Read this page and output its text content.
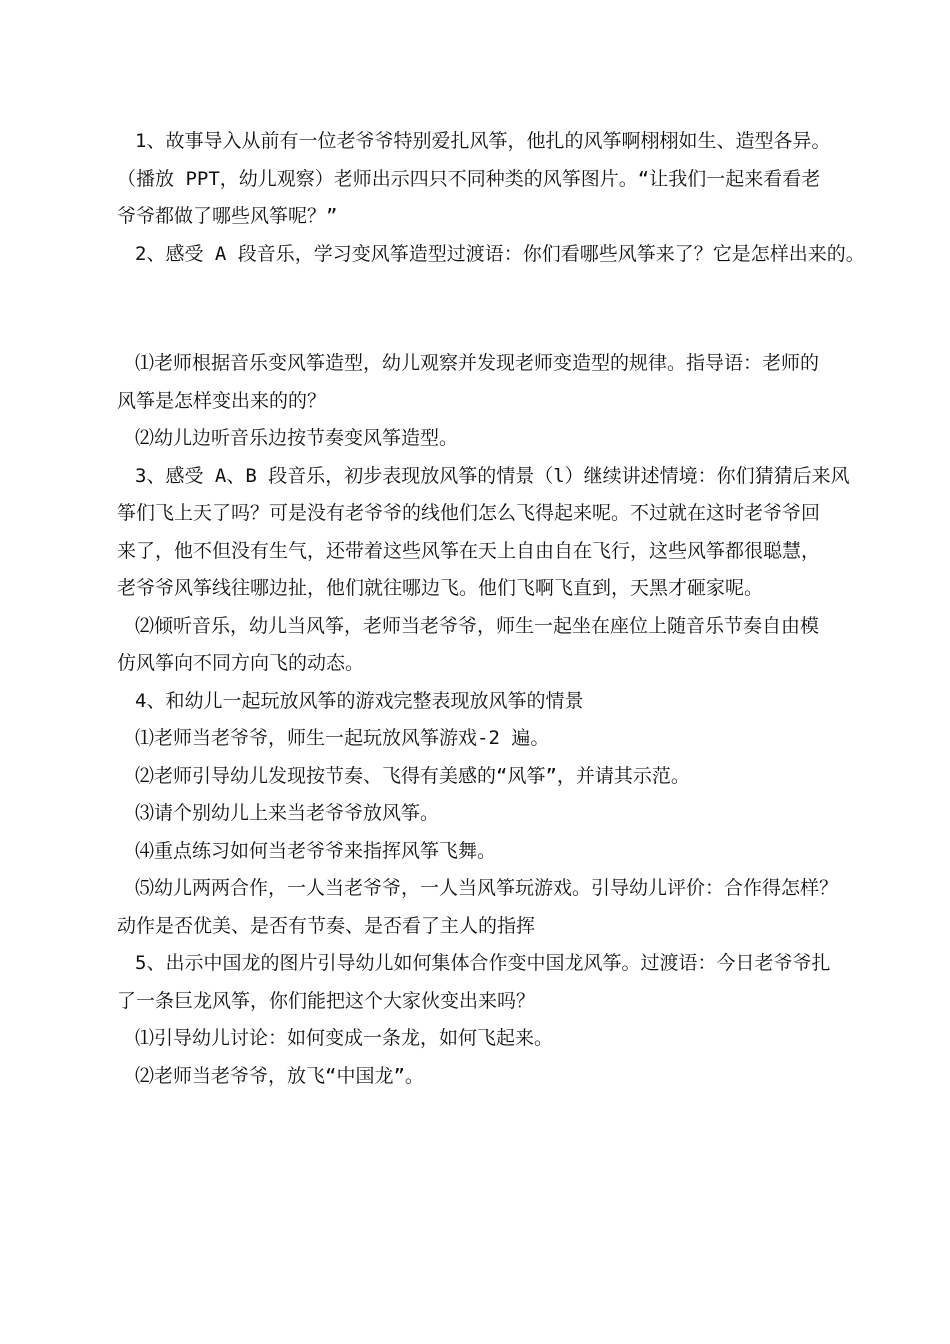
1、故事导入从前有一位老爷爷特别爱扎风筝，他扎的风筝啊栩栩如生、造型各异。
（播放 PPT，幼儿观察）老师出示四只不同种类的风筝图片。“让我们一起来看看老
爷爷都做了哪些风筝呢？”
2、感受 A 段音乐，学习变风筝造型过渡语：你们看哪些风筝来了？它是怎样出来的。
⑴老师根据音乐变风筝造型，幼儿观察并发现老师变造型的规律。指导语：老师的
风筝是怎样变出来的的？
⑵幼儿边听音乐边按节奏变风筝造型。
3、感受 A、B 段音乐，初步表现放风筝的情景（l）继续讲述情境：你们猜猜后来风
筝们飞上天了吗？可是没有老爷爷的线他们怎么飞得起来呢。不过就在这时老爷爷回
来了，他不但没有生气，还带着这些风筝在天上自由自在飞行，这些风筝都很聪慧，
老爷爷风筝线往哪边扯，他们就往哪边飞。他们飞啊飞直到，天黑才砸家呢。
⑵倾听音乐，幼儿当风筝，老师当老爷爷，师生一起坐在座位上随音乐节奏自由模
仿风筝向不同方向飞的动态。
4、和幼儿一起玩放风筝的游戏完整表现放风筝的情景
⑴老师当老爷爷，师生一起玩放风筝游戏-2 遍。
⑵老师引导幼儿发现按节奏、飞得有美感的“风筝”，并请其示范。
⑶请个别幼儿上来当老爷爷放风筝。
⑷重点练习如何当老爷爷来指挥风筝飞舞。
⑸幼儿两两合作，一人当老爷爷，一人当风筝玩游戏。引导幼儿评价：合作得怎样？
动作是否优美、是否有节奏、是否看了主人的指挥
5、出示中国龙的图片引导幼儿如何集体合作变中国龙风筝。过渡语：今日老爷爷扎
了一条巨龙风筝，你们能把这个大家伙变出来吗？
⑴引导幼儿讨论：如何变成一条龙，如何飞起来。
⑵老师当老爷爷，放飞“中国龙”。
